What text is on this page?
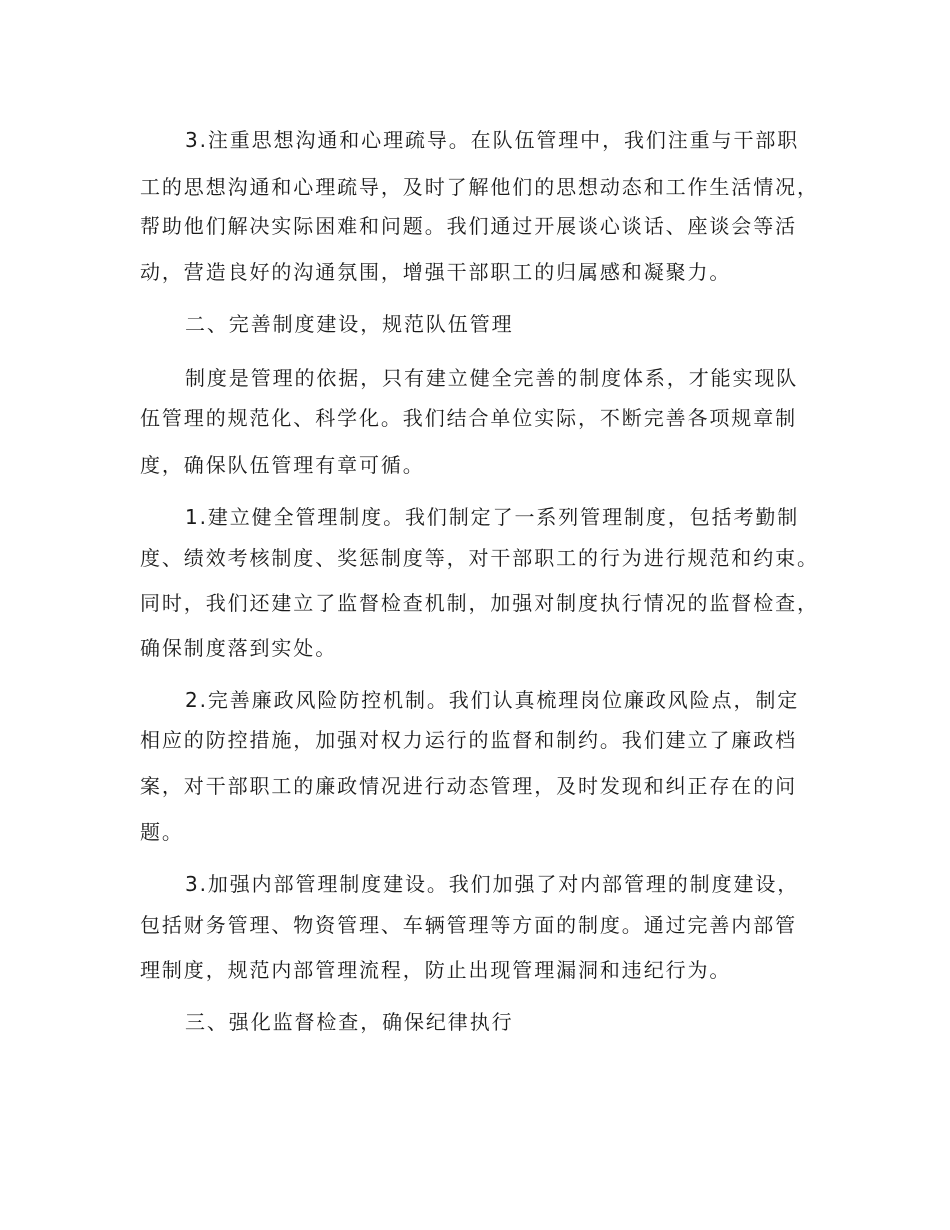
3.注重思想沟通和心理疏导。在队伍管理中，我们注重与干部职

工的思想沟通和心理疏导，及时了解他们的思想动态和工作生活情况，

帮助他们解决实际困难和问题。我们通过开展谈心谈话、座谈会等活

动，营造良好的沟通氛围，增强干部职工的归属感和凝聚力。

二、完善制度建设，规范队伍管理

制度是管理的依据，只有建立健全完善的制度体系，才能实现队

伍管理的规范化、科学化。我们结合单位实际，不断完善各项规章制

度，确保队伍管理有章可循。

1.建立健全管理制度。我们制定了一系列管理制度，包括考勤制

度、绩效考核制度、奖惩制度等，对干部职工的行为进行规范和约束。

同时，我们还建立了监督检查机制，加强对制度执行情况的监督检查，

确保制度落到实处。

2.完善廉政风险防控机制。我们认真梳理岗位廉政风险点，制定

相应的防控措施，加强对权力运行的监督和制约。我们建立了廉政档

案，对干部职工的廉政情况进行动态管理，及时发现和纠正存在的问

题。

3.加强内部管理制度建设。我们加强了对内部管理的制度建设，

包括财务管理、物资管理、车辆管理等方面的制度。通过完善内部管

理制度，规范内部管理流程，防止出现管理漏洞和违纪行为。

三、强化监督检查，确保纪律执行
